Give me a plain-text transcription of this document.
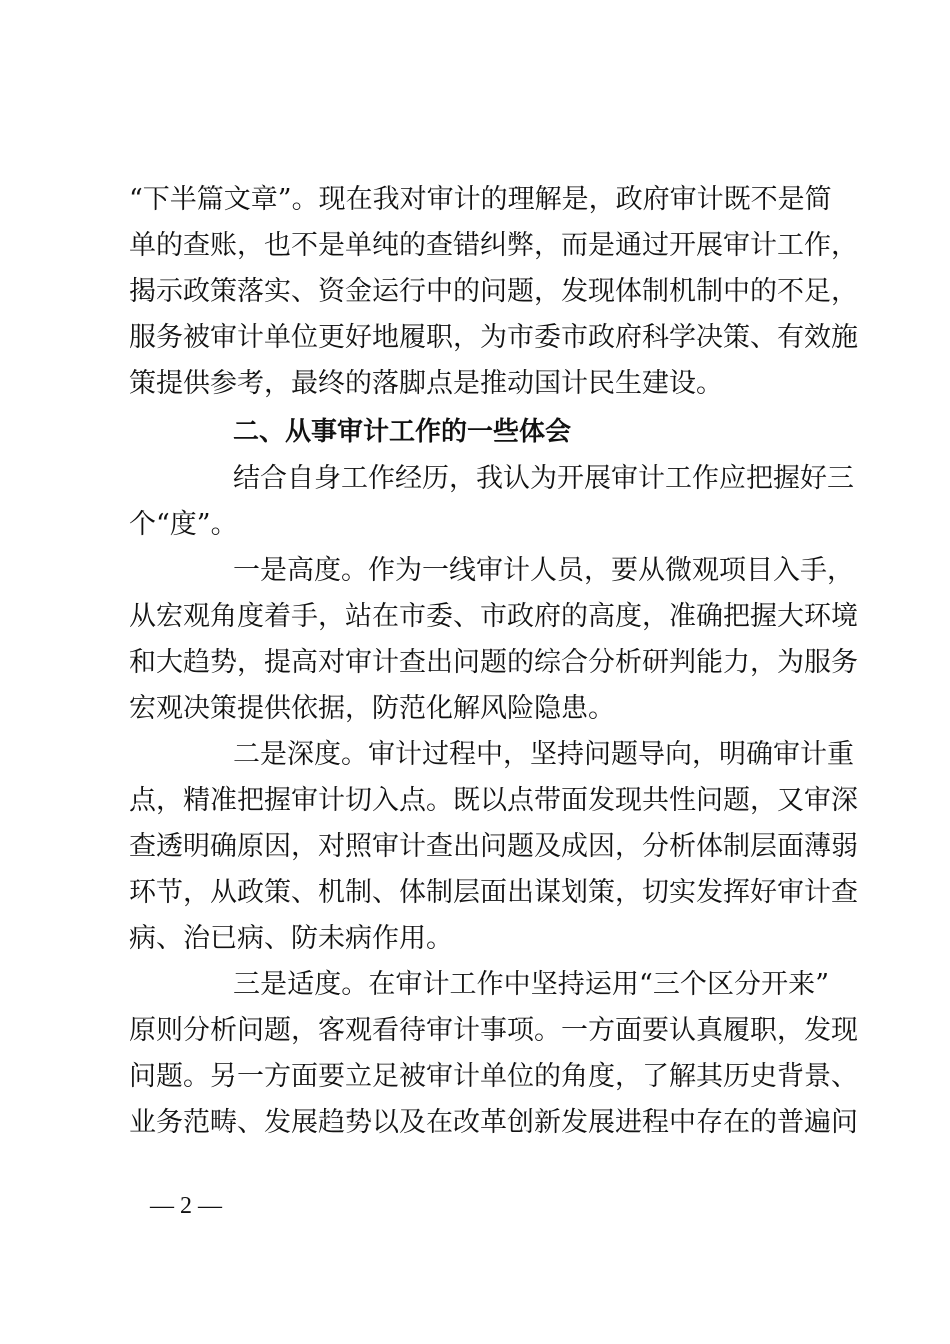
“下半篇文章”。现在我对审计的理解是，政府审计既不是简
单的查账，也不是单纯的查错纠弊，而是通过开展审计工作，
揭示政策落实、资金运行中的问题，发现体制机制中的不足，
服务被审计单位更好地履职，为市委市政府科学决策、有效施
策提供参考，最终的落脚点是推动国计民生建设。
二、从事审计工作的一些体会
结合自身工作经历，我认为开展审计工作应把握好三
个“度”。
一是高度。作为一线审计人员，要从微观项目入手，
从宏观角度着手，站在市委、市政府的高度，准确把握大环境
和大趋势，提高对审计查出问题的综合分析研判能力，为服务
宏观决策提供依据，防范化解风险隐患。
二是深度。审计过程中，坚持问题导向，明确审计重
点，精准把握审计切入点。既以点带面发现共性问题，又审深
查透明确原因，对照审计查出问题及成因，分析体制层面薄弱
环节，从政策、机制、体制层面出谋划策，切实发挥好审计查
病、治已病、防未病作用。
三是适度。在审计工作中坚持运用“三个区分开来”
原则分析问题，客观看待审计事项。一方面要认真履职，发现
问题。另一方面要立足被审计单位的角度，了解其历史背景、
业务范畴、发展趋势以及在改革创新发展进程中存在的普遍问
— 2 —
